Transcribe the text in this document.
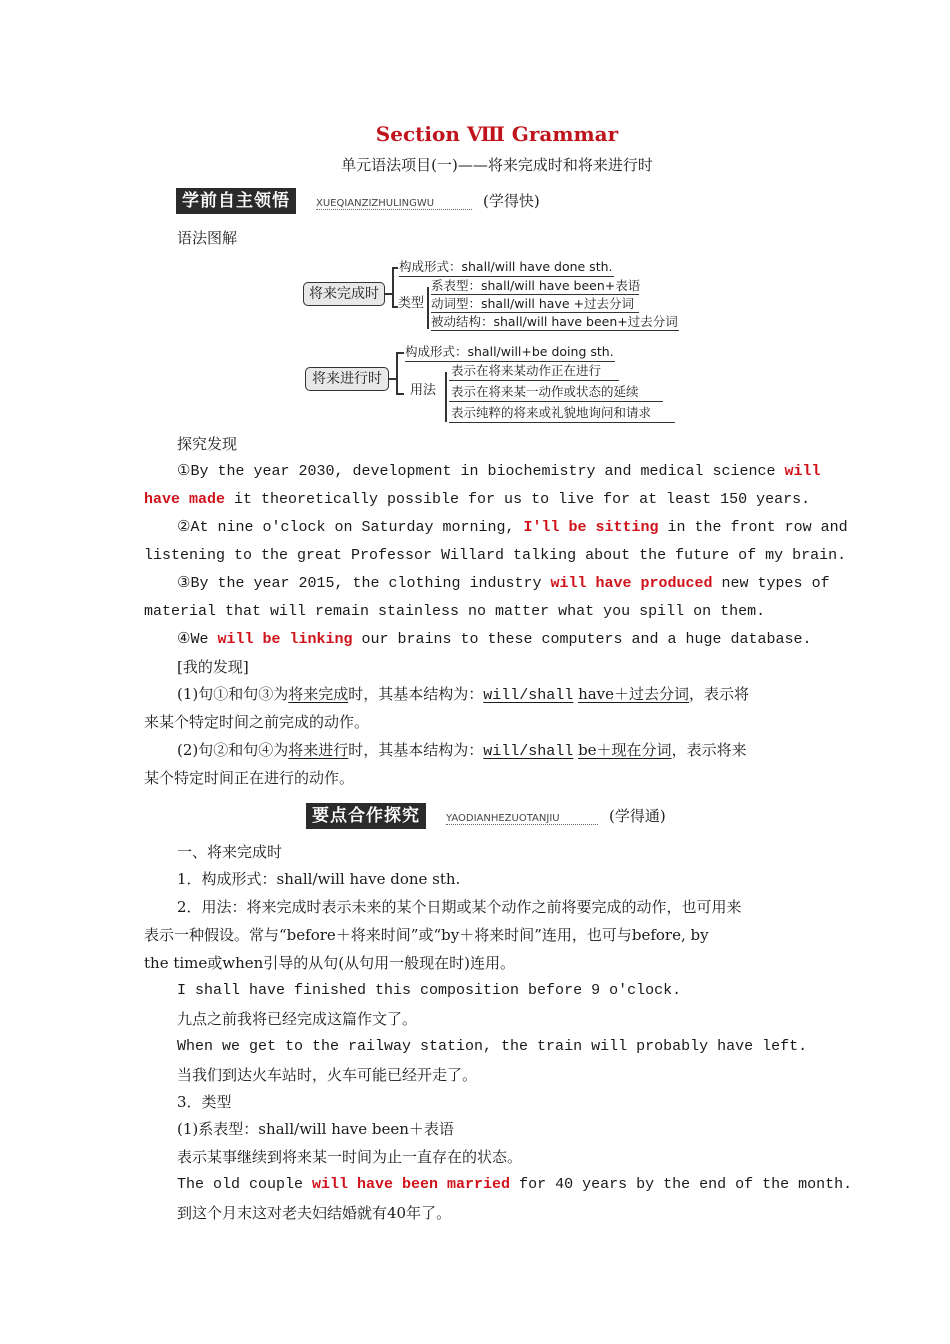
Section Ⅷ Grammar
单元语法项目(一)——将来完成时和将来进行时
学前自主领悟	XUEQIANZIZHULINGWU	(学得快)
语法图解
将来完成时
构成形式：shall/will have done sth.
类型
系表型：shall/will have been+表语
动词型：shall/will have +过去分词
被动结构：shall/will have been+过去分词
将来进行时
构成形式：shall/will+be doing sth.
用法
表示在将来某动作正在进行
表示在将来某一动作或状态的延续
表示纯粹的将来或礼貌地询问和请求
探究发现
①By the year 2030, development in biochemistry and medical science will
have made it theoretically possible for us to live for at least 150 years.
②At nine o'clock on Saturday morning, I'll be sitting in the front row and
listening to the great Professor Willard talking about the future of my brain.
③By the year 2015, the clothing industry will have produced new types of
material that will remain stainless no matter what you spill on them.
④We will be linking our brains to these computers and a huge database.
[我的发现]
(1)句①和句③为将来完成时，其基本结构为：will/shall have＋过去分词，表示将
来某个特定时间之前完成的动作。
(2)句②和句④为将来进行时，其基本结构为：will/shall be＋现在分词，表示将来
某个特定时间正在进行的动作。
要点合作探究	YAODIANHEZUOTANJIU	(学得通)
一、将来完成时
1．构成形式：shall/will have done sth.
2．用法：将来完成时表示未来的某个日期或某个动作之前将要完成的动作，也可用来
表示一种假设。常与“before＋将来时间”或“by＋将来时间”连用，也可与before, by
the time或when引导的从句(从句用一般现在时)连用。
I shall have finished this composition before 9 o'clock.
九点之前我将已经完成这篇作文了。
When we get to the railway station, the train will probably have left.
当我们到达火车站时，火车可能已经开走了。
3．类型
(1)系表型：shall/will have been＋表语
表示某事继续到将来某一时间为止一直存在的状态。
The old couple will have been married for 40 years by the end of the month.
到这个月末这对老夫妇结婚就有40年了。
